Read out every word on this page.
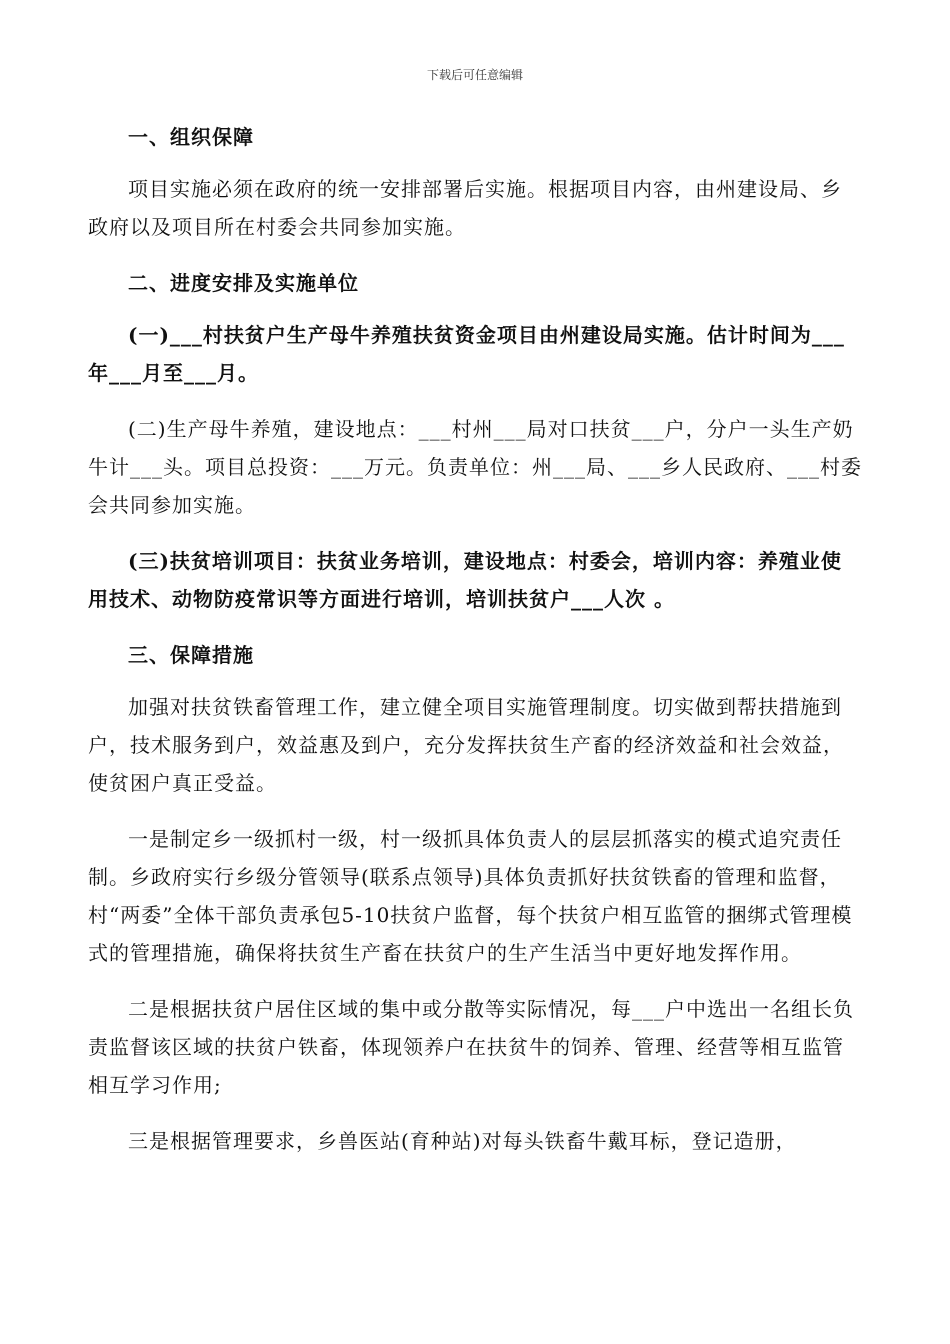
下载后可任意编辑

一、组织保障

项目实施必须在政府的统一安排部署后实施。根据项目内容，由州建设局、乡政府以及项目所在村委会共同参加实施。

二、进度安排及实施单位

(一)___村扶贫户生产母牛养殖扶贫资金项目由州建设局实施。估计时间为___年___月至___月。

(二)生产母牛养殖，建设地点：___村州___局对口扶贫___户，分户一头生产奶牛计___头。项目总投资：___万元。负责单位：州___局、___乡人民政府、___村委会共同参加实施。

(三)扶贫培训项目：扶贫业务培训，建设地点：村委会，培训内容：养殖业使用技术、动物防疫常识等方面进行培训，培训扶贫户___人次 。

三、保障措施

加强对扶贫铁畜管理工作，建立健全项目实施管理制度。切实做到帮扶措施到户，技术服务到户，效益惠及到户，充分发挥扶贫生产畜的经济效益和社会效益，使贫困户真正受益。

一是制定乡一级抓村一级，村一级抓具体负责人的层层抓落实的模式追究责任制。乡政府实行乡级分管领导(联系点领导)具体负责抓好扶贫铁畜的管理和监督，村“两委”全体干部负责承包5-10扶贫户监督，每个扶贫户相互监管的捆绑式管理模式的管理措施，确保将扶贫生产畜在扶贫户的生产生活当中更好地发挥作用。

二是根据扶贫户居住区域的集中或分散等实际情况，每___户中选出一名组长负责监督该区域的扶贫户铁畜，体现领养户在扶贫牛的饲养、管理、经营等相互监管相互学习作用;

三是根据管理要求，乡兽医站(育种站)对每头铁畜牛戴耳标，登记造册，
